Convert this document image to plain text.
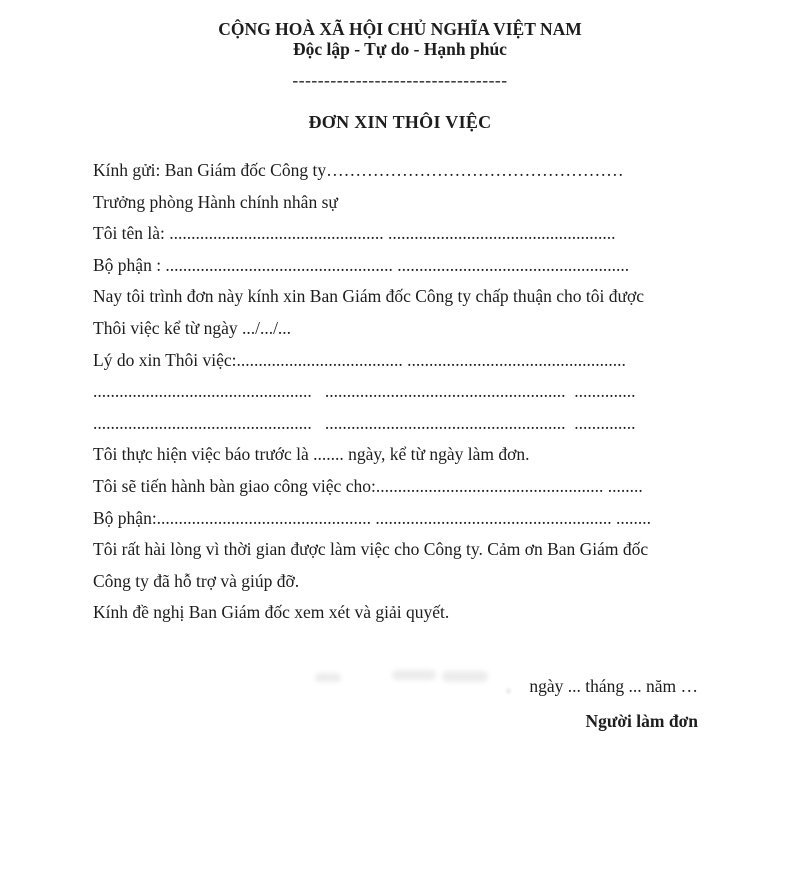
CỘNG HOÀ XÃ HỘI CHỦ NGHĨA VIỆT NAM
Độc lập - Tự do - Hạnh phúc
----------------------------------
ĐƠN XIN THÔI VIỆC
Kính gửi: Ban Giám đốc Công ty……………………………………………
Trưởng phòng Hành chính nhân sự
Tôi tên là: ................................................. ....................................................
Bộ phận : .................................................... .....................................................
Nay tôi trình đơn này kính xin Ban Giám đốc Công ty chấp thuận cho tôi được
Thôi việc kể từ ngày .../.../...
Lý do xin Thôi việc:...................................... ..................................................
..................................................   .......................................................  ..............
..................................................   .......................................................  ..............
Tôi thực hiện việc báo trước là ....... ngày, kể từ ngày làm đơn.
Tôi sẽ tiến hành bàn giao công việc cho:.................................................... ........
Bộ phận:................................................. ...................................................... ........
Tôi rất hài lòng vì thời gian được làm việc cho Công ty. Cảm ơn Ban Giám đốc
Công ty đã hỗ trợ và giúp đỡ.
Kính đề nghị Ban Giám đốc xem xét và giải quyết.
ngày ... tháng ... năm …
Người làm đơn
